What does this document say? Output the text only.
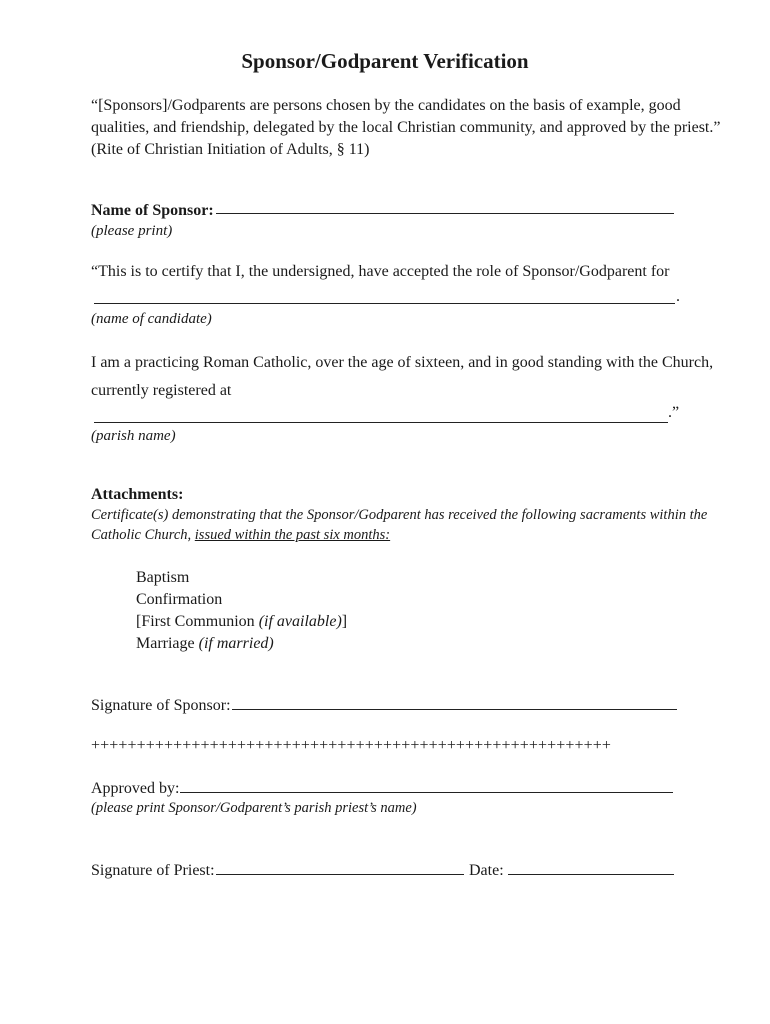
Sponsor/Godparent Verification
“[Sponsors]/Godparents are persons chosen by the candidates on the basis of example, good
qualities, and friendship, delegated by the local Christian community, and approved by the priest.”
(Rite of Christian Initiation of Adults, § 11)
Name of Sponsor:
(please print)
“This is to certify that I, the undersigned, have accepted the role of Sponsor/Godparent for
.
(name of candidate)
I am a practicing Roman Catholic, over the age of sixteen, and in good standing with the Church,
currently registered at
.”
(parish name)
Attachments:
Certificate(s) demonstrating that the Sponsor/Godparent has received the following sacraments within the
Catholic Church, issued within the past six months:
Baptism
Confirmation
[First Communion (if available)]
Marriage (if married)
Signature of Sponsor:
+++++++++++++++++++++++++++++++++++++++++++++++++++++++++
Approved by:
(please print Sponsor/Godparent’s parish priest’s name)
Signature of Priest:	Date:
